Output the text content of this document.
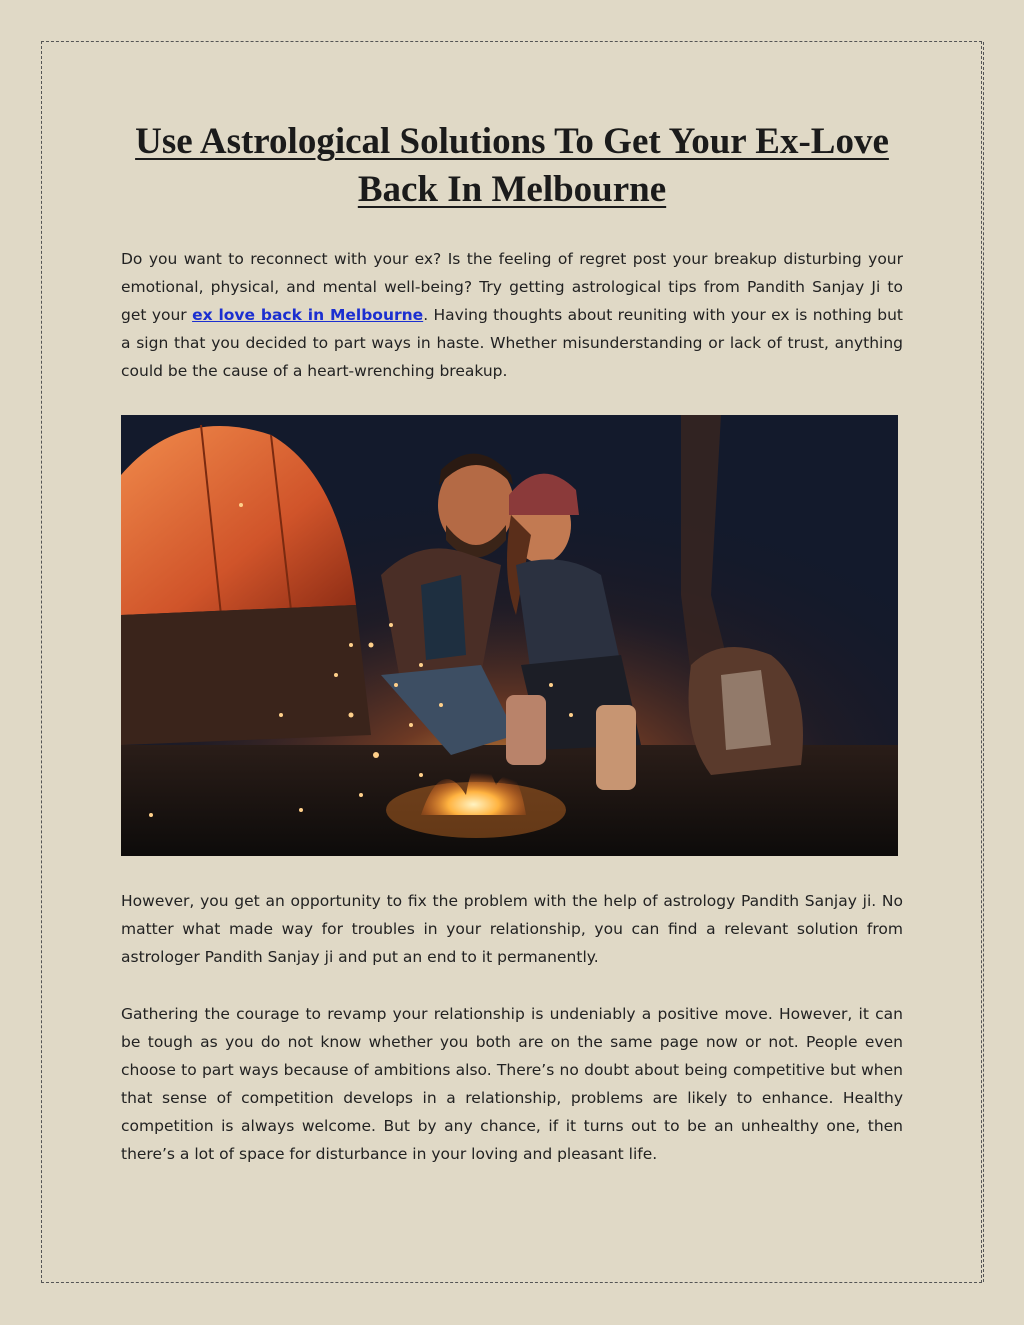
Use Astrological Solutions To Get Your Ex-Love Back In Melbourne

Do you want to reconnect with your ex? Is the feeling of regret post your breakup disturbing your emotional, physical, and mental well-being? Try getting astrological tips from Pandith Sanjay Ji to get your ex love back in Melbourne. Having thoughts about reuniting with your ex is nothing but a sign that you decided to part ways in haste. Whether misunderstanding or lack of trust, anything could be the cause of a heart-wrenching breakup.

However, you get an opportunity to fix the problem with the help of astrology Pandith Sanjay ji. No matter what made way for troubles in your relationship, you can find a relevant solution from astrologer Pandith Sanjay ji and put an end to it permanently.

Gathering the courage to revamp your relationship is undeniably a positive move. However, it can be tough as you do not know whether you both are on the same page now or not. People even choose to part ways because of ambitions also. There’s no doubt about being competitive but when that sense of competition develops in a relationship, problems are likely to enhance. Healthy competition is always welcome. But by any chance, if it turns out to be an unhealthy one, then there’s a lot of space for disturbance in your loving and pleasant life.
